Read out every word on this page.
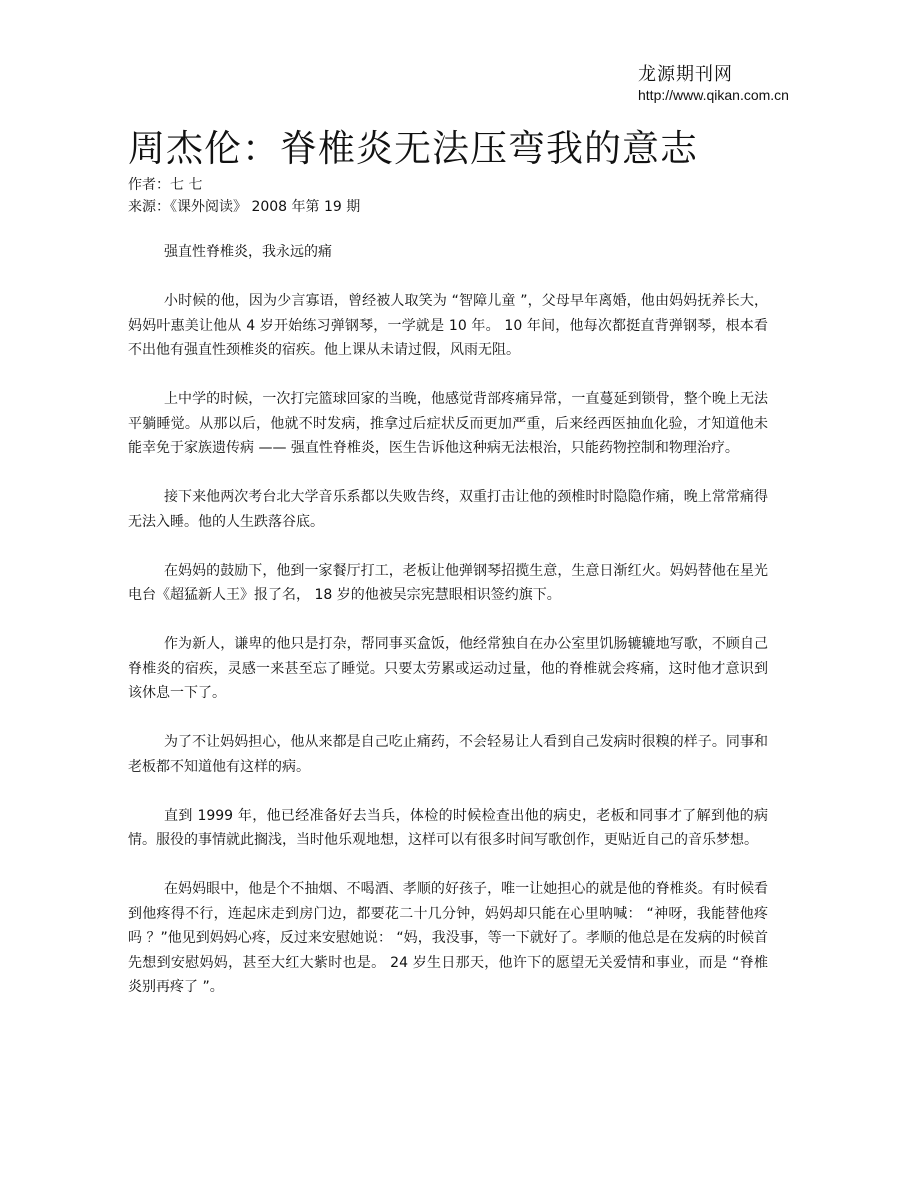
龙源期刊网
http://www.qikan.com.cn
周杰伦：脊椎炎无法压弯我的意志
作者：七 七
来源：《课外阅读》 2008 年第 19 期

强直性脊椎炎，我永远的痛

小时候的他，因为少言寡语，曾经被人取笑为 “智障儿童 ”，父母早年离婚，他由妈妈抚养长大，妈妈叶惠美让他从 4 岁开始练习弹钢琴，一学就是 10 年。 10 年间，他每次都挺直背弹钢琴，根本看不出他有强直性颈椎炎的宿疾。他上课从未请过假，风雨无阻。

上中学的时候，一次打完篮球回家的当晚，他感觉背部疼痛异常，一直蔓延到锁骨，整个晚上无法平躺睡觉。从那以后，他就不时发病，推拿过后症状反而更加严重，后来经西医抽血化验，才知道他未能幸免于家族遗传病 —— 强直性脊椎炎，医生告诉他这种病无法根治，只能药物控制和物理治疗。

接下来他两次考台北大学音乐系都以失败告终，双重打击让他的颈椎时时隐隐作痛，晚上常常痛得无法入睡。他的人生跌落谷底。

在妈妈的鼓励下，他到一家餐厅打工，老板让他弹钢琴招揽生意，生意日渐红火。妈妈替他在星光电台《超猛新人王》报了名， 18 岁的他被吴宗宪慧眼相识签约旗下。

作为新人，谦卑的他只是打杂，帮同事买盒饭，他经常独自在办公室里饥肠辘辘地写歌，不顾自己脊椎炎的宿疾，灵感一来甚至忘了睡觉。只要太劳累或运动过量，他的脊椎就会疼痛，这时他才意识到该休息一下了。

为了不让妈妈担心，他从来都是自己吃止痛药，不会轻易让人看到自己发病时很糗的样子。同事和老板都不知道他有这样的病。

直到 1999 年，他已经准备好去当兵，体检的时候检查出他的病史，老板和同事才了解到他的病情。服役的事情就此搁浅，当时他乐观地想，这样可以有很多时间写歌创作，更贴近自己的音乐梦想。

在妈妈眼中，他是个不抽烟、不喝酒、孝顺的好孩子，唯一让她担心的就是他的脊椎炎。有时候看到他疼得不行，连起床走到房门边，都要花二十几分钟，妈妈却只能在心里呐喊： “神呀，我能替他疼吗 ？”他见到妈妈心疼，反过来安慰她说： “妈，我没事，等一下就好了。孝顺的他总是在发病的时候首先想到安慰妈妈，甚至大红大紫时也是。 24 岁生日那天，他许下的愿望无关爱情和事业，而是 “脊椎炎别再疼了 ”。
